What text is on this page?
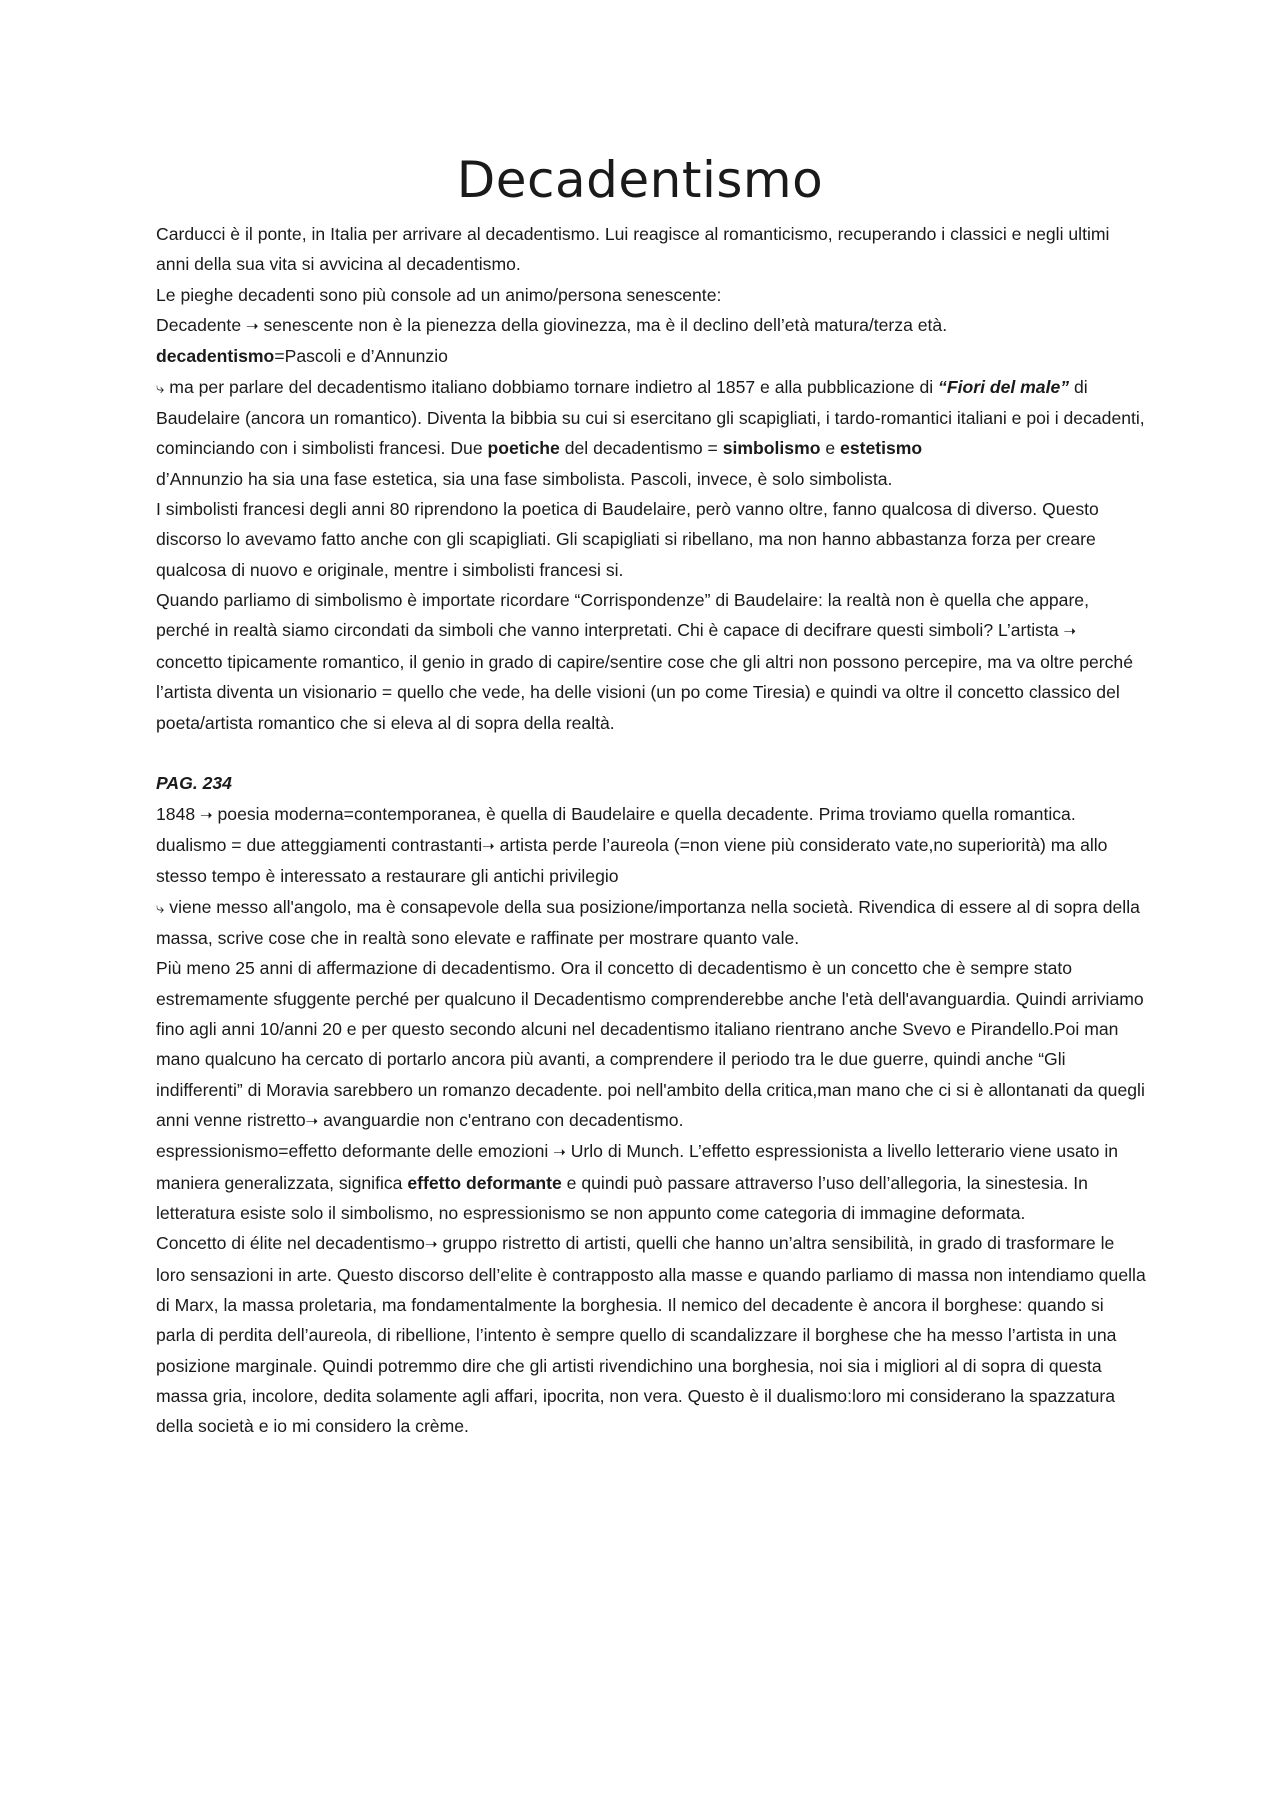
Decadentismo

Carducci è il ponte, in Italia per arrivare al decadentismo. Lui reagisce al romanticismo, recuperando i classici e negli ultimi anni della sua vita si avvicina al decadentismo.

Le pieghe decadenti sono più console ad un animo/persona senescente:

Decadente ➝ senescente non è la pienezza della giovinezza, ma è il declino dell’età matura/terza età.

decadentismo=Pascoli e d’Annunzio

⤷ ma per parlare del decadentismo italiano dobbiamo tornare indietro al 1857 e alla pubblicazione di “Fiori del male” di Baudelaire (ancora un romantico). Diventa la bibbia su cui si esercitano gli scapigliati, i tardo-romantici italiani e poi i decadenti, cominciando con i simbolisti francesi. Due poetiche del decadentismo = simbolismo e estetismo

d’Annunzio ha sia una fase estetica, sia una fase simbolista. Pascoli, invece, è solo simbolista.

I simbolisti francesi degli anni 80 riprendono la poetica di Baudelaire, però vanno oltre, fanno qualcosa di diverso. Questo discorso lo avevamo fatto anche con gli scapigliati. Gli scapigliati si ribellano, ma non hanno abbastanza forza per creare qualcosa di nuovo e originale, mentre i simbolisti francesi si.

Quando parliamo di simbolismo è importate ricordare “Corrispondenze” di Baudelaire: la realtà non è quella che appare, perché in realtà siamo circondati da simboli che vanno interpretati. Chi è capace di decifrare questi simboli? L’artista ➝ concetto tipicamente romantico, il genio in grado di capire/sentire cose che gli altri non possono percepire, ma va oltre perché l’artista diventa un visionario = quello che vede, ha delle visioni (un po come Tiresia) e quindi va oltre il concetto classico del poeta/artista romantico che si eleva al di sopra della realtà.

PAG. 234

1848 ➝ poesia moderna=contemporanea, è quella di Baudelaire e quella decadente. Prima troviamo quella romantica.

dualismo = due atteggiamenti contrastanti➝ artista perde l’aureola (=non viene più considerato vate,no superiorità) ma allo stesso tempo è interessato a restaurare gli antichi privilegio

⤷ viene messo all'angolo, ma è consapevole della sua posizione/importanza nella società. Rivendica di essere al di sopra della massa, scrive cose che in realtà sono elevate e raffinate per mostrare quanto vale.

Più meno 25 anni di affermazione di decadentismo. Ora il concetto di decadentismo è un concetto che è sempre stato estremamente sfuggente perché per qualcuno il Decadentismo comprenderebbe anche l'età dell'avanguardia. Quindi arriviamo fino agli anni 10/anni 20 e per questo secondo alcuni nel decadentismo italiano rientrano anche Svevo e Pirandello.Poi man mano qualcuno ha cercato di portarlo ancora più avanti, a comprendere il periodo tra le due guerre, quindi anche “Gli indifferenti” di Moravia sarebbero un romanzo decadente. poi nell'ambito della critica,man mano che ci si è allontanati da quegli anni venne ristretto➝ avanguardie non c'entrano con decadentismo.

espressionismo=effetto deformante delle emozioni ➝ Urlo di Munch. L’effetto espressionista a livello letterario viene usato in maniera generalizzata, significa effetto deformante e quindi può passare attraverso l’uso dell’allegoria, la sinestesia. In letteratura esiste solo il simbolismo, no espressionismo se non appunto come categoria di immagine deformata.

Concetto di élite nel decadentismo➝ gruppo ristretto di artisti, quelli che hanno un’altra sensibilità, in grado di trasformare le loro sensazioni in arte. Questo discorso dell’elite è contrapposto alla masse e quando parliamo di massa non intendiamo quella di Marx, la massa proletaria, ma fondamentalmente la borghesia. Il nemico del decadente è ancora il borghese: quando si parla di perdita dell’aureola, di ribellione, l’intento è sempre quello di scandalizzare il borghese che ha messo l’artista in una posizione marginale. Quindi potremmo dire che gli artisti rivendichino una borghesia, noi sia i migliori al di sopra di questa massa gria, incolore, dedita solamente agli affari, ipocrita, non vera. Questo è il dualismo:loro mi considerano la spazzatura della società e io mi considero la crème.
